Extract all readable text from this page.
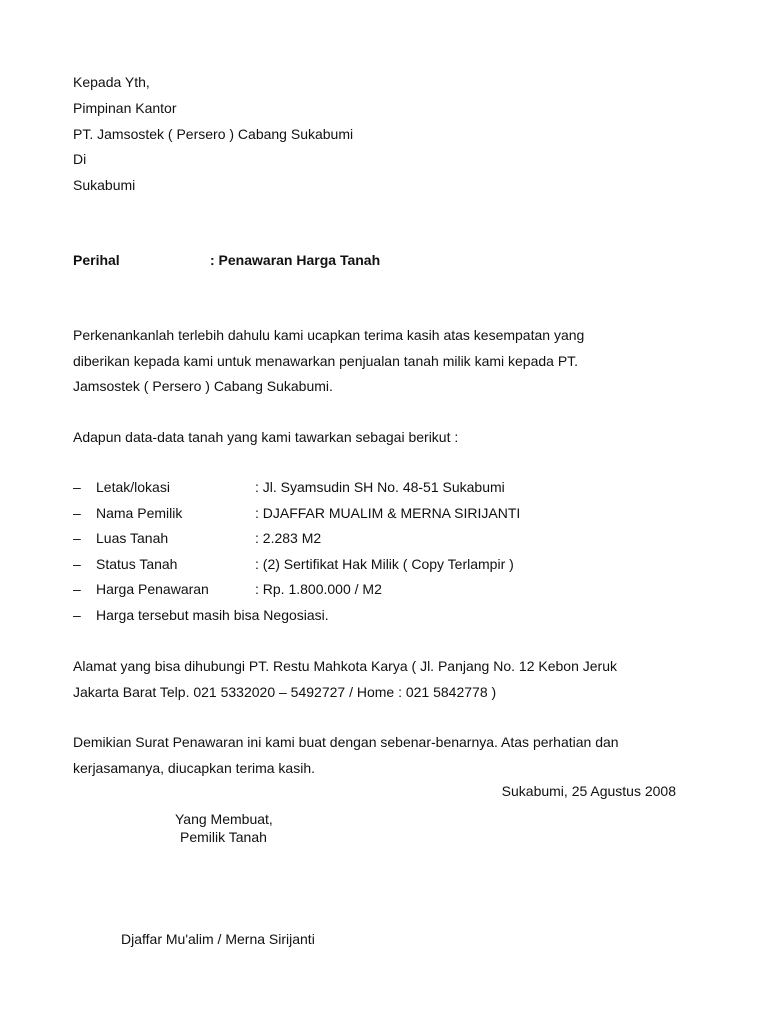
Kepada Yth,
Pimpinan Kantor
PT. Jamsostek ( Persero ) Cabang Sukabumi
Di
Sukabumi
Perihal	: Penawaran Harga Tanah
Perkenankanlah terlebih dahulu kami ucapkan terima kasih atas kesempatan yang
diberikan kepada kami untuk menawarkan penjualan tanah milik kami kepada PT.
Jamsostek ( Persero ) Cabang Sukabumi.
Adapun data-data tanah yang kami tawarkan sebagai berikut :
– Letak/lokasi	: Jl. Syamsudin SH No. 48-51 Sukabumi
– Nama Pemilik	: DJAFFAR MUALIM & MERNA SIRIJANTI
– Luas Tanah	: 2.283 M2
– Status Tanah	: (2) Sertifikat Hak Milik ( Copy Terlampir )
– Harga Penawaran	: Rp. 1.800.000 / M2
– Harga tersebut masih bisa Negosiasi.
Alamat yang bisa dihubungi PT. Restu Mahkota Karya ( Jl. Panjang No. 12 Kebon Jeruk
Jakarta Barat Telp. 021 5332020 – 5492727 / Home : 021 5842778 )
Demikian Surat Penawaran ini kami buat dengan sebenar-benarnya. Atas perhatian dan
kerjasamanya, diucapkan terima kasih.
Sukabumi, 25 Agustus 2008
Yang Membuat,
Pemilik Tanah
Djaffar Mu'alim / Merna Sirijanti
